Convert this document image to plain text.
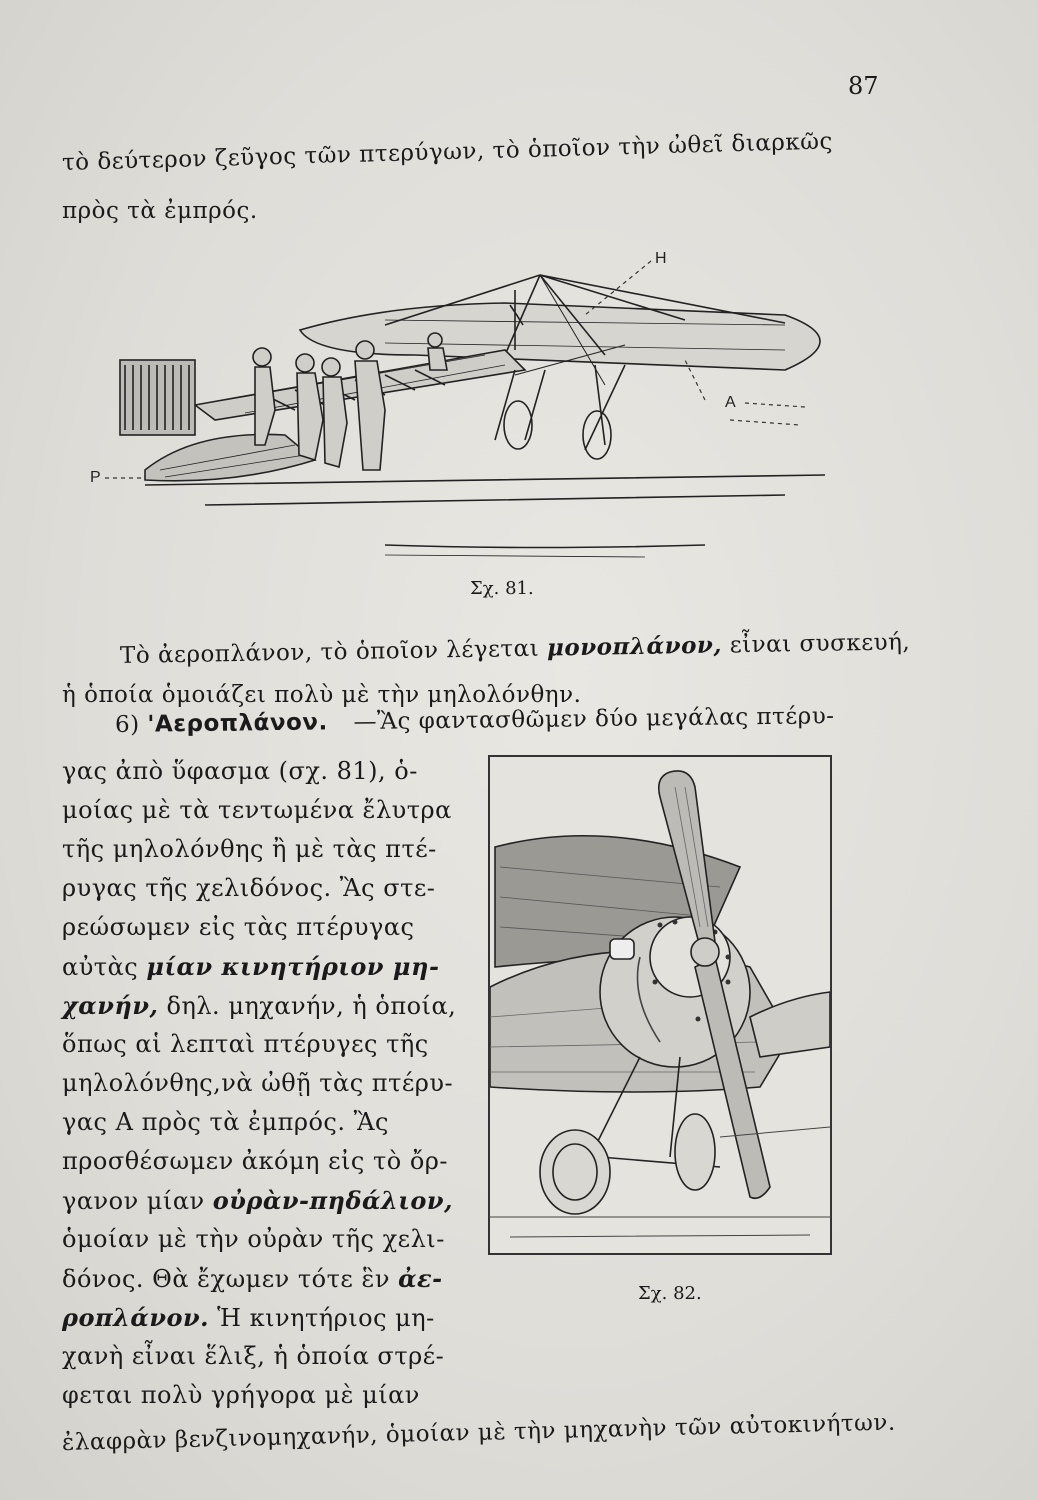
87
τὸ δεύτερον ζεῦγος τῶν πτερύγων, τὸ ὁποῖον τὴν ὠθεῖ διαρκῶς
πρὸς τὰ ἐμπρός.
H
A
P
Σχ. 81.
Τὸ ἀεροπλάνον, τὸ ὁποῖον λέγεται μονοπλάνον, εἶναι συσκευή,
ἡ ὁποία ὁμοιάζει πολὺ μὲ τὴν μηλολόνθην.
6) 'Αεροπλάνον. —Ἂς φαντασθῶμεν δύο μεγάλας πτέρυ-
Σχ. 82.
γας ἀπὸ ὕφασμα (σχ. 81), ὁ-
μοίας μὲ τὰ τεντωμένα ἔλυτρα
τῆς μηλολόνθης ἢ μὲ τὰς πτέ-
ρυγας τῆς χελιδόνος. Ἂς στε-
ρεώσωμεν εἰς τὰς πτέρυγας
αὐτὰς μίαν κινητήριον μη-
χανήν, δηλ. μηχανήν, ἡ ὁποία,
ὅπως αἱ λεπταὶ πτέρυγες τῆς
μηλολόνθης,νὰ ὠθῇ τὰς πτέρυ-
γας Α πρὸς τὰ ἐμπρός. Ἂς
προσθέσωμεν ἀκόμη εἰς τὸ ὄρ-
γανον μίαν οὐρὰν-πηδάλιον,
ὁμοίαν μὲ τὴν οὐρὰν τῆς χελι-
δόνος. Θὰ ἔχωμεν τότε ἓν ἀε-
ροπλάνον. Ἡ κινητήριος μη-
χανὴ εἶναι ἕλιξ, ἡ ὁποία στρέ-
φεται πολὺ γρήγορα μὲ μίαν
ἐλαφρὰν βενζινομηχανήν, ὁμοίαν μὲ τὴν μηχανὴν τῶν αὐτοκινήτων.
